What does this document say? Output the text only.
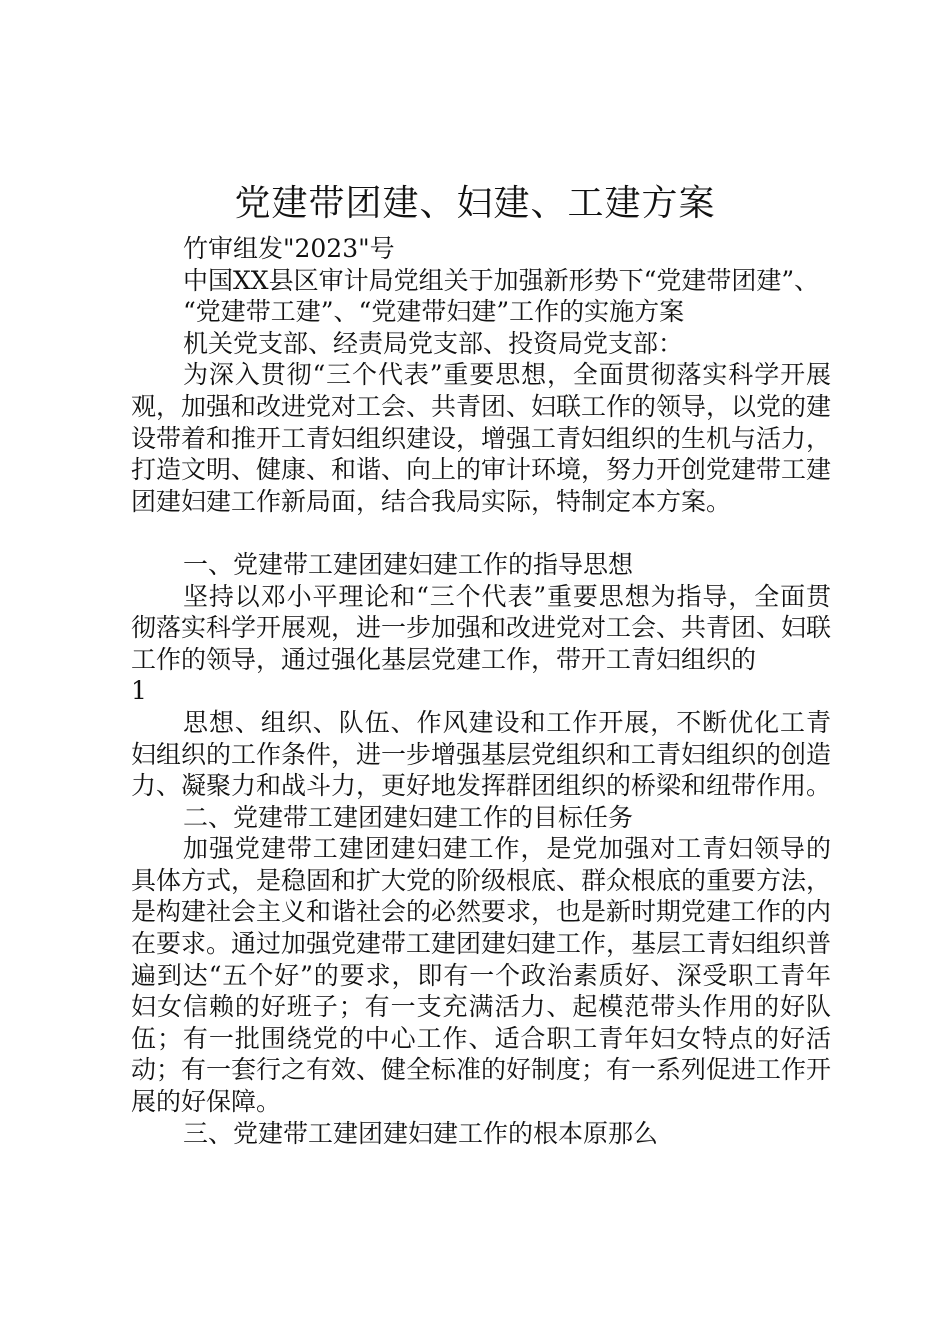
党建带团建、妇建、工建方案

竹审组发"2023"号

中国XX县区审计局党组关于加强新形势下“党建带团建”、

“党建带工建”、“党建带妇建”工作的实施方案

机关党支部、经责局党支部、投资局党支部：

为深入贯彻“三个代表”重要思想，全面贯彻落实科学开展观，加强和改进党对工会、共青团、妇联工作的领导，以党的建设带着和推开工青妇组织建设，增强工青妇组织的生机与活力，打造文明、健康、和谐、向上的审计环境，努力开创党建带工建团建妇建工作新局面，结合我局实际，特制定本方案。

一、党建带工建团建妇建工作的指导思想

坚持以邓小平理论和“三个代表”重要思想为指导，全面贯彻落实科学开展观，进一步加强和改进党对工会、共青团、妇联工作的领导，通过强化基层党建工作，带开工青妇组织的

1

思想、组织、队伍、作风建设和工作开展，不断优化工青妇组织的工作条件，进一步增强基层党组织和工青妇组织的创造力、凝聚力和战斗力，更好地发挥群团组织的桥梁和纽带作用。

二、党建带工建团建妇建工作的目标任务

加强党建带工建团建妇建工作，是党加强对工青妇领导的具体方式，是稳固和扩大党的阶级根底、群众根底的重要方法，是构建社会主义和谐社会的必然要求，也是新时期党建工作的内在要求。通过加强党建带工建团建妇建工作，基层工青妇组织普遍到达“五个好”的要求，即有一个政治素质好、深受职工青年妇女信赖的好班子；有一支充满活力、起模范带头作用的好队伍；有一批围绕党的中心工作、适合职工青年妇女特点的好活动；有一套行之有效、健全标准的好制度；有一系列促进工作开展的好保障。

三、党建带工建团建妇建工作的根本原那么
